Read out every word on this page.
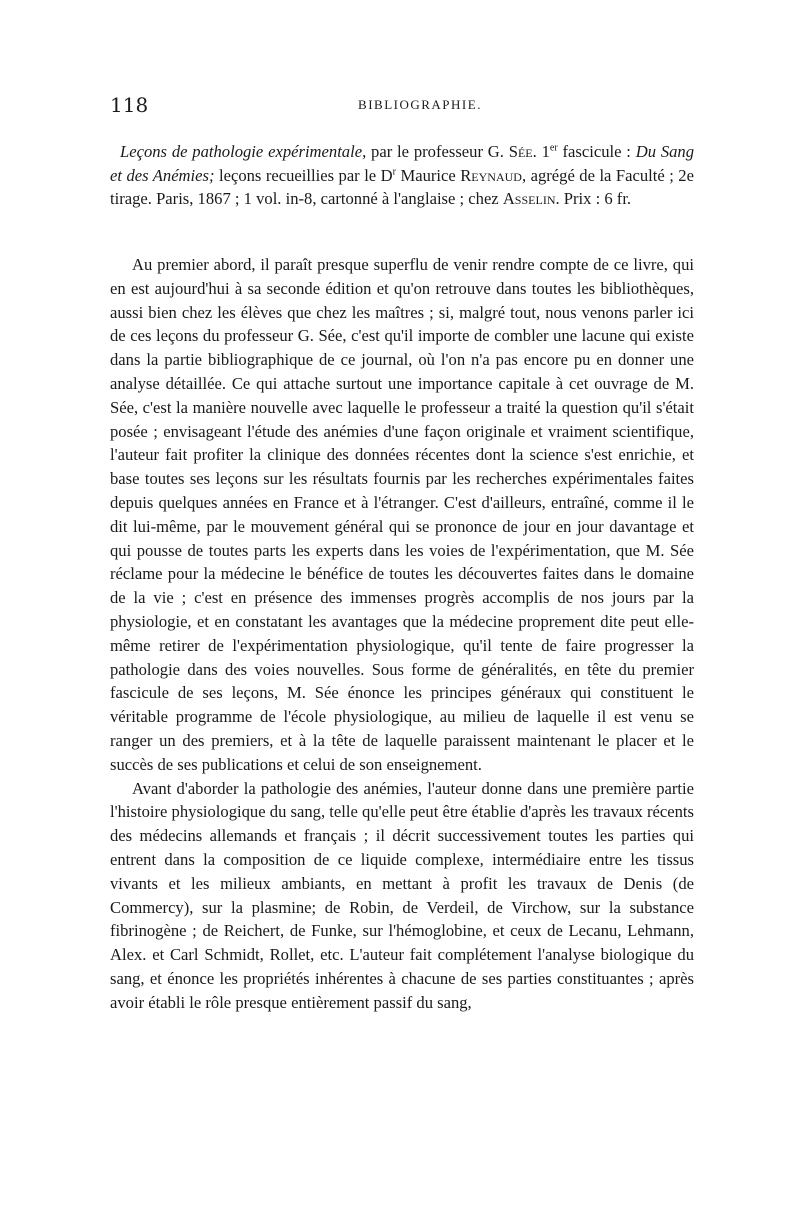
118	BIBLIOGRAPHIE.
Leçons de pathologie expérimentale, par le professeur G. Sée. 1er fascicule : Du Sang et des Anémies; leçons recueillies par le $D^r$ Maurice Reynaud, agrégé de la Faculté ; 2e tirage. Paris, 1867 ; 1 vol. in-8, cartonné à l'anglaise ; chez Asselin. Prix : 6 fr.

Au premier abord, il paraît presque superflu de venir rendre compte de ce livre, qui en est aujourd'hui à sa seconde édition et qu'on retrouve dans toutes les bibliothèques, aussi bien chez les élèves que chez les maîtres ; si, malgré tout, nous venons parler ici de ces leçons du professeur G. Sée, c'est qu'il importe de combler une lacune qui existe dans la partie bibliographique de ce journal, où l'on n'a pas encore pu en donner une analyse détaillée. Ce qui attache surtout une importance capitale à cet ouvrage de M. Sée, c'est la manière nouvelle avec laquelle le professeur a traité la question qu'il s'était posée ; envisageant l'étude des anémies d'une façon originale et vraiment scientifique, l'auteur fait profiter la clinique des données récentes dont la science s'est enrichie, et base toutes ses leçons sur les résultats fournis par les recherches expérimentales faites depuis quelques années en France et à l'étranger. C'est d'ailleurs, entraîné, comme il le dit lui-même, par le mouvement général qui se prononce de jour en jour davantage et qui pousse de toutes parts les experts dans les voies de l'expérimentation, que M. Sée réclame pour la médecine le bénéfice de toutes les découvertes faites dans le domaine de la vie ; c'est en présence des immenses progrès accomplis de nos jours par la physiologie, et en constatant les avantages que la médecine proprement dite peut elle-même retirer de l'expérimentation physiologique, qu'il tente de faire progresser la pathologie dans des voies nouvelles. Sous forme de généralités, en tête du premier fascicule de ses leçons, M. Sée énonce les principes généraux qui constituent le véritable programme de l'école physiologique, au milieu de laquelle il est venu se ranger un des premiers, et à la tête de laquelle paraissent maintenant le placer et le succès de ses publications et celui de son enseignement.

Avant d'aborder la pathologie des anémies, l'auteur donne dans une première partie l'histoire physiologique du sang, telle qu'elle peut être établie d'après les travaux récents des médecins allemands et français ; il décrit successivement toutes les parties qui entrent dans la composition de ce liquide complexe, intermédiaire entre les tissus vivants et les milieux ambiants, en mettant à profit les travaux de Denis (de Commercy), sur la plasmine; de Robin, de Verdeil, de Virchow, sur la substance fibrinogène ; de Reichert, de Funke, sur l'hémoglobine, et ceux de Lecanu, Lehmann, Alex. et Carl Schmidt, Rollet, etc. L'auteur fait complétement l'analyse biologique du sang, et énonce les propriétés inhérentes à chacune de ses parties constituantes ; après avoir établi le rôle presque entièrement passif du sang,
